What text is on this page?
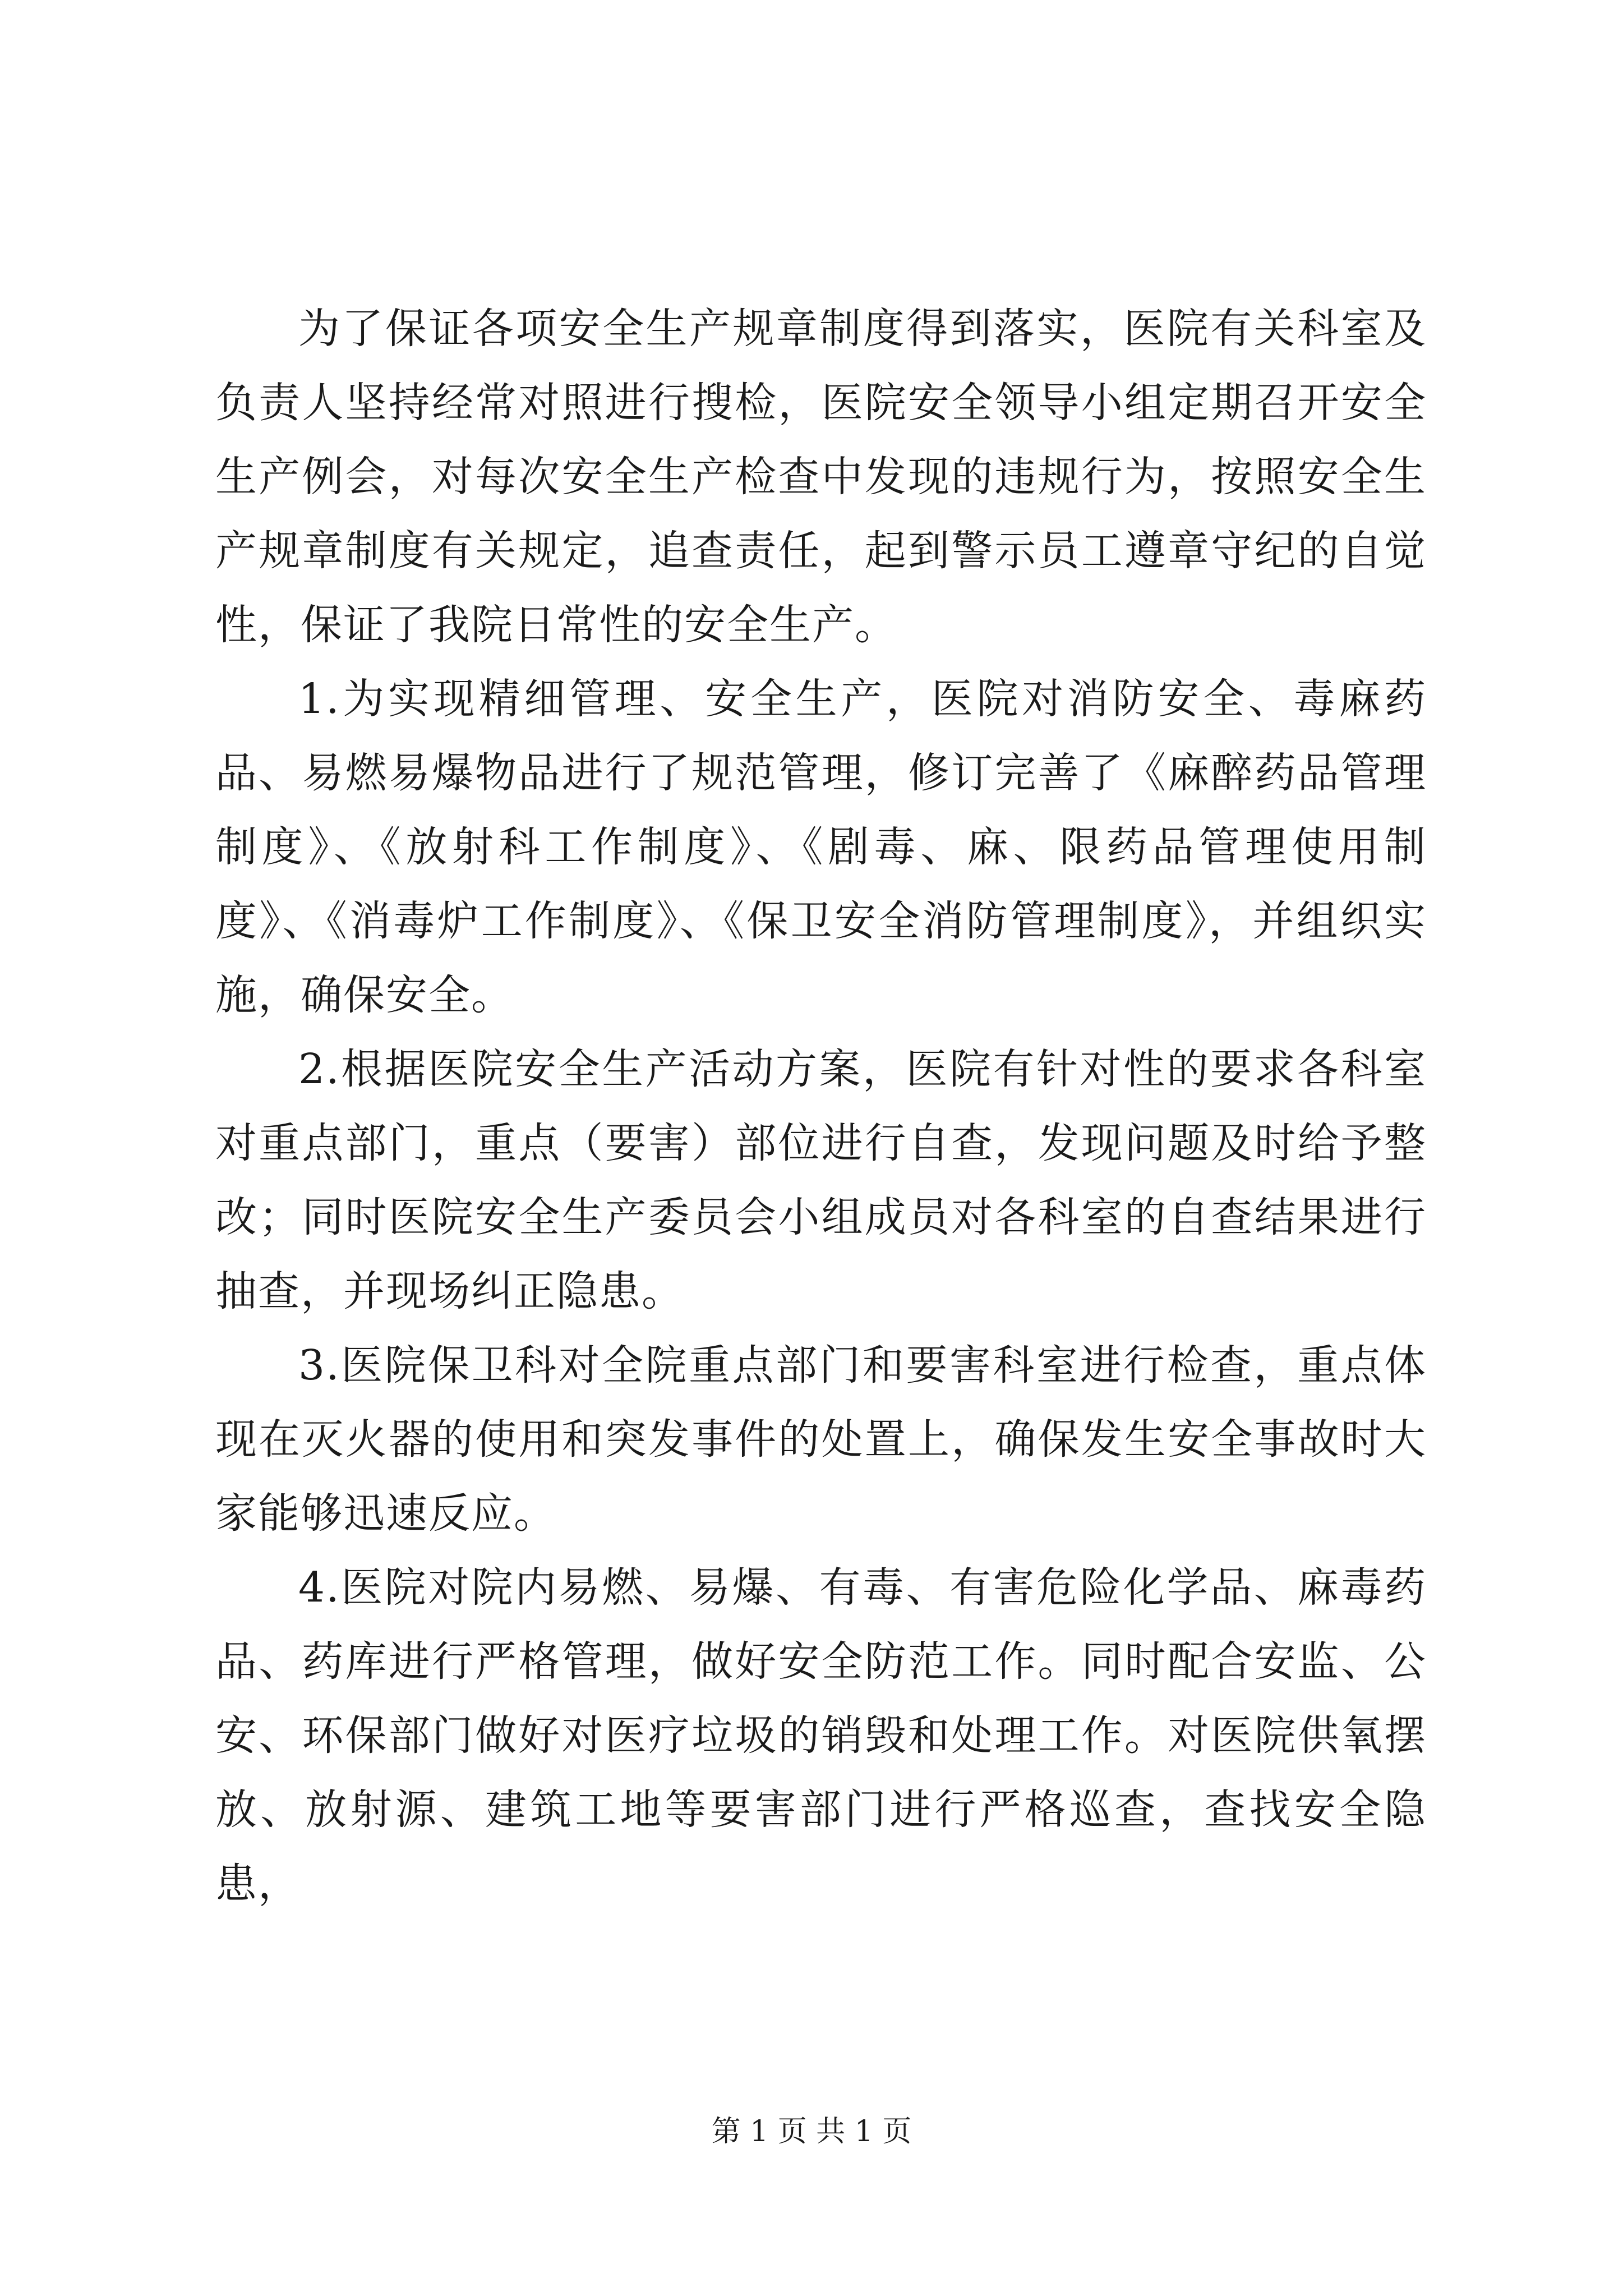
为了保证各项安全生产规章制度得到落实，医院有关科室及负责人坚持经常对照进行搜检，医院安全领导小组定期召开安全生产例会，对每次安全生产检查中发现的违规行为，按照安全生产规章制度有关规定，追查责任，起到警示员工遵章守纪的自觉性，保证了我院日常性的安全生产。

1.为实现精细管理、安全生产，医院对消防安全、毒麻药品、易燃易爆物品进行了规范管理，修订完善了《麻醉药品管理制度》、《放射科工作制度》、《剧毒、麻、限药品管理使用制度》、《消毒炉工作制度》、《保卫安全消防管理制度》，并组织实施，确保安全。

2.根据医院安全生产活动方案，医院有针对性的要求各科室对重点部门，重点（要害）部位进行自查，发现问题及时给予整改；同时医院安全生产委员会小组成员对各科室的自查结果进行抽查，并现场纠正隐患。

3.医院保卫科对全院重点部门和要害科室进行检查，重点体现在灭火器的使用和突发事件的处置上，确保发生安全事故时大家能够迅速反应。

4.医院对院内易燃、易爆、有毒、有害危险化学品、麻毒药品、药库进行严格管理，做好安全防范工作。同时配合安监、公安、环保部门做好对医疗垃圾的销毁和处理工作。对医院供氧摆放、放射源、建筑工地等要害部门进行严格巡查，查找安全隐患，

第 1 页 共 1 页
